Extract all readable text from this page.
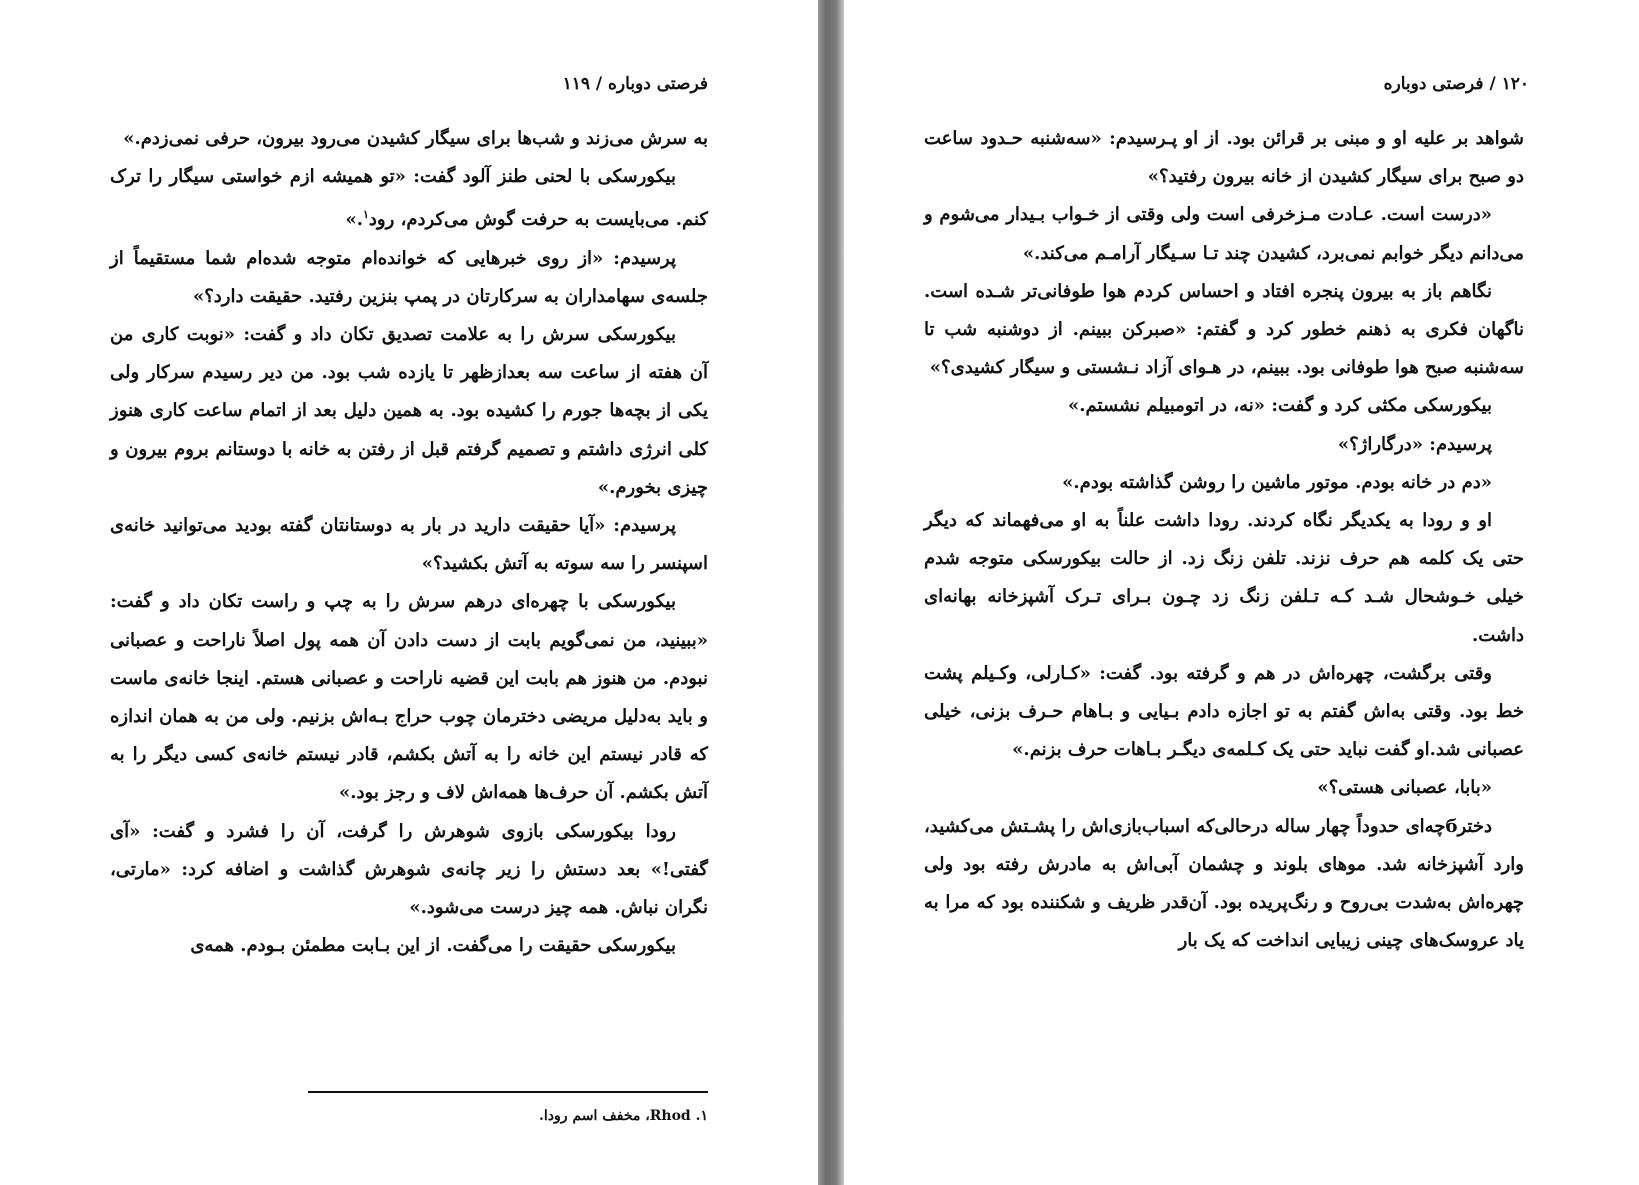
فرصتی دوباره / ۱۱۹

به سرش می‌زند و شب‌ها برای سیگار کشیدن می‌رود بیرون، حرفی نمی‌زدم.»

بیکورسکی با لحنی طنز آلود گفت: «تو همیشه ازم خواستی سیگار را ترک کنم. می‌بایست به حرفت گوش می‌کردم، رود$^۱$.»

پرسیدم: «از روی خبرهایی که خوانده‌ام متوجه شده‌ام شما مستقیماً از جلسه‌ی سهامداران به سرکارتان در پمپ بنزین رفتید. حقیقت دارد؟»

بیکورسکی سرش را به علامت تصدیق تکان داد و گفت: «نوبت کاری من آن هفته از ساعت سه بعدازظهر تا یازده شب بود. من دیر رسیدم سرکار ولی یکی از بچه‌ها جورم را کشیده بود. به همین دلیل بعد از اتمام ساعت کاری هنوز کلی انرژی داشتم و تصمیم گرفتم قبل از رفتن به خانه با دوستانم بروم بیرون و چیزی بخورم.»

پرسیدم: «آیا حقیقت دارید در بار به دوستانتان گفته بودید می‌توانید خانه‌ی اسپنسر را سه سوته به آتش بکشید؟»

بیکورسکی با چهره‌ای درهم سرش را به چپ و راست تکان داد و گفت: «ببینید، من نمی‌گویم بابت از دست دادن آن همه پول اصلاً ناراحت و عصبانی نبودم. من هنوز هم بابت این قضیه ناراحت و عصبانی هستم. اینجا خانه‌ی ماست و باید به‌دلیل مریضی دخترمان چوب حراج بـه‌اش بزنیم. ولی من به همان اندازه که قادر نیستم این خانه را به آتش بکشم، قادر نیستم خانه‌ی کسی دیگر را به آتش بکشم. آن حرف‌ها همه‌اش لاف و رجز بود.»

رودا بیکورسکی بازوی شوهرش را گرفت، آن را فشرد و گفت: «آی گفتی!» بعد دستش را زیر چانه‌ی شوهرش گذاشت و اضافه کرد: «مارتی، نگران نباش. همه چیز درست می‌شود.»

بیکورسکی حقیقت را می‌گفت. از این بـابت مطمئن بـودم. همه‌ی

۱. Rhod، مخفف اسم رودا.
۱۲۰ / فرصتی دوباره

شواهد بر علیه او و مبنی بر قرائن بود. از او پـرسیدم: «سه‌شنبه حـدود ساعت دو صبح برای سیگار کشیدن از خانه بیرون رفتید؟»

«درست است. عـادت مـزخرفی است ولی وقتی از خـواب بـیدار می‌شوم و می‌دانم دیگر خوابم نمی‌برد، کشیدن چند تـا سـیگار آرامـم می‌کند.»

نگاهم باز به بیرون پنجره افتاد و احساس کردم هوا طوفانی‌تر شـده است. ناگهان فکری به ذهنم خطور کرد و گفتم: «صبرکن ببینم. از دوشنبه شب تا سه‌شنبه صبح هوا طوفانی بود. ببینم، در هـوای آزاد نـشستی و سیگار کشیدی؟»

بیکورسکی مکثی کرد و گفت: «نه، در اتومبیلم نشستم.»

پرسیدم: «درگاراژ؟»

«دم در خانه بودم. موتور ماشین را روشن گذاشته بودم.»

او و رودا به یکدیگر نگاه کردند. رودا داشت علناً به او می‌فهماند که دیگر حتی یک کلمه هم حرف نزند. تلفن زنگ زد. از حالت بیکورسکی متوجه شدم خیلی خـوشحال شـد کـه تـلفن زنگ زد چـون بـرای تـرک آشپزخانه بهانه‌ای داشت.

وقتی برگشت، چهره‌اش در هم و گرفته بود. گفت: «کـارلی، وکـیلم پشت خط بود. وقتی به‌اش گفتم به تو اجازه دادم بـیایی و بـاهام حـرف بزنی، خیلی عصبانی شد.او گفت نباید حتی یک کـلمه‌ی دیگـر بـاهات حرف بزنم.»

«بابا، عصبانی هستی؟»

دخترбچه‌ای حدوداً چهار ساله درحالی‌که اسباب‌بازی‌اش را پشـتش می‌کشید، وارد آشپزخانه شد. موهای بلوند و چشمان آبی‌اش به مادرش رفته بود ولی چهره‌اش به‌شدت بی‌روح و رنگ‌پریده بود. آن‌قدر ظریف و شکننده بود که مرا به یاد عروسک‌های چینی زیبایی انداخت که یک بار
